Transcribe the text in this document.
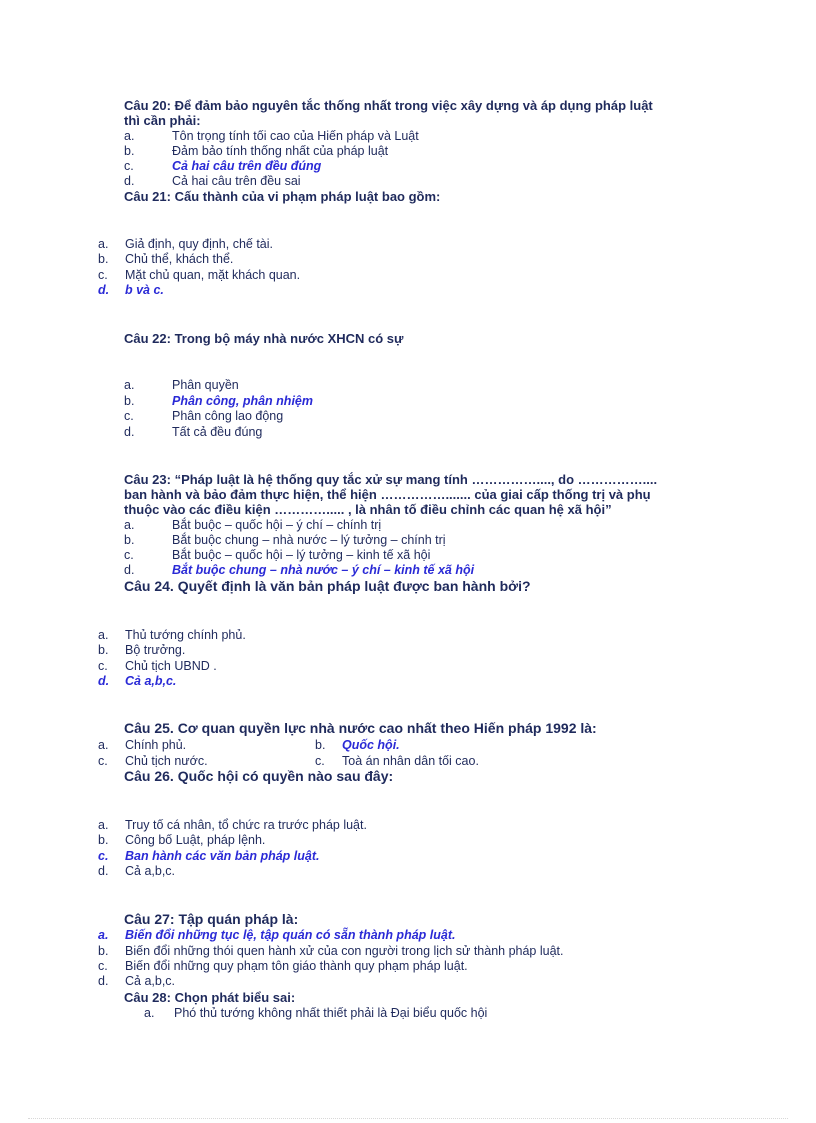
Câu 20: Để đảm bảo nguyên tắc thống nhất trong việc xây dựng và áp dụng pháp luật
thì cần phải:
a.	Tôn trọng tính tối cao của Hiến pháp và Luật
b.	Đảm bảo tính thống nhất của pháp luật
c.	Cả hai câu trên đều đúng
d.	Cả hai câu trên đều sai
Câu 21: Cấu thành của vi phạm pháp luật bao gồm:
a. Giả định, quy định, chế tài.
b. Chủ thể, khách thể.
c. Mặt chủ quan, mặt khách quan.
d. b và c.
Câu 22: Trong bộ máy nhà nước XHCN có sự
a.	Phân quyền
b.	Phân công, phân nhiệm
c.	Phân công lao động
d.	Tất cả đều đúng
Câu 23: “Pháp luật là hệ thống quy tắc xử sự mang tính ……………...., do ……………....
ban hành và bảo đảm thực hiện, thể hiện ……………....... của giai cấp thống trị và phụ
thuộc vào các điều kiện …………..... , là nhân tố điều chỉnh các quan hệ xã hội”
a.	Bắt buộc – quốc hội – ý chí – chính trị
b.	Bắt buộc chung – nhà nước – lý tưởng – chính trị
c.	Bắt buộc – quốc hội – lý tưởng – kinh tế xã hội
d.	Bắt buộc chung – nhà nước – ý chí – kinh tế xã hội
Câu 24. Quyết định là văn bản pháp luật được ban hành bởi?
a. Thủ tướng chính phủ.
b. Bộ trưởng.
c. Chủ tịch UBND .
d. Cả a,b,c.
Câu 25. Cơ quan quyền lực nhà nước cao nhất theo Hiến pháp 1992 là:
a. Chính phủ.	b. Quốc hội.
c. Chủ tịch nước.	c. Toà án nhân dân tối cao.
Câu 26. Quốc hội có quyền nào sau đây:
a. Truy tố cá nhân, tổ chức ra trước pháp luật.
b. Công bố Luật, pháp lệnh.
c. Ban hành các văn bản pháp luật.
d. Cả a,b,c.
Câu 27: Tập quán pháp là:
a. Biến đổi những tục lệ, tập quán có sẵn thành pháp luật.
b. Biến đổi những thói quen hành xử của con người trong lịch sử thành pháp luật.
c. Biến đổi những quy phạm tôn giáo thành quy phạm pháp luật.
d. Cả a,b,c.
Câu 28: Chọn phát biểu sai:
a. Phó thủ tướng không nhất thiết phải là Đại biểu quốc hội
